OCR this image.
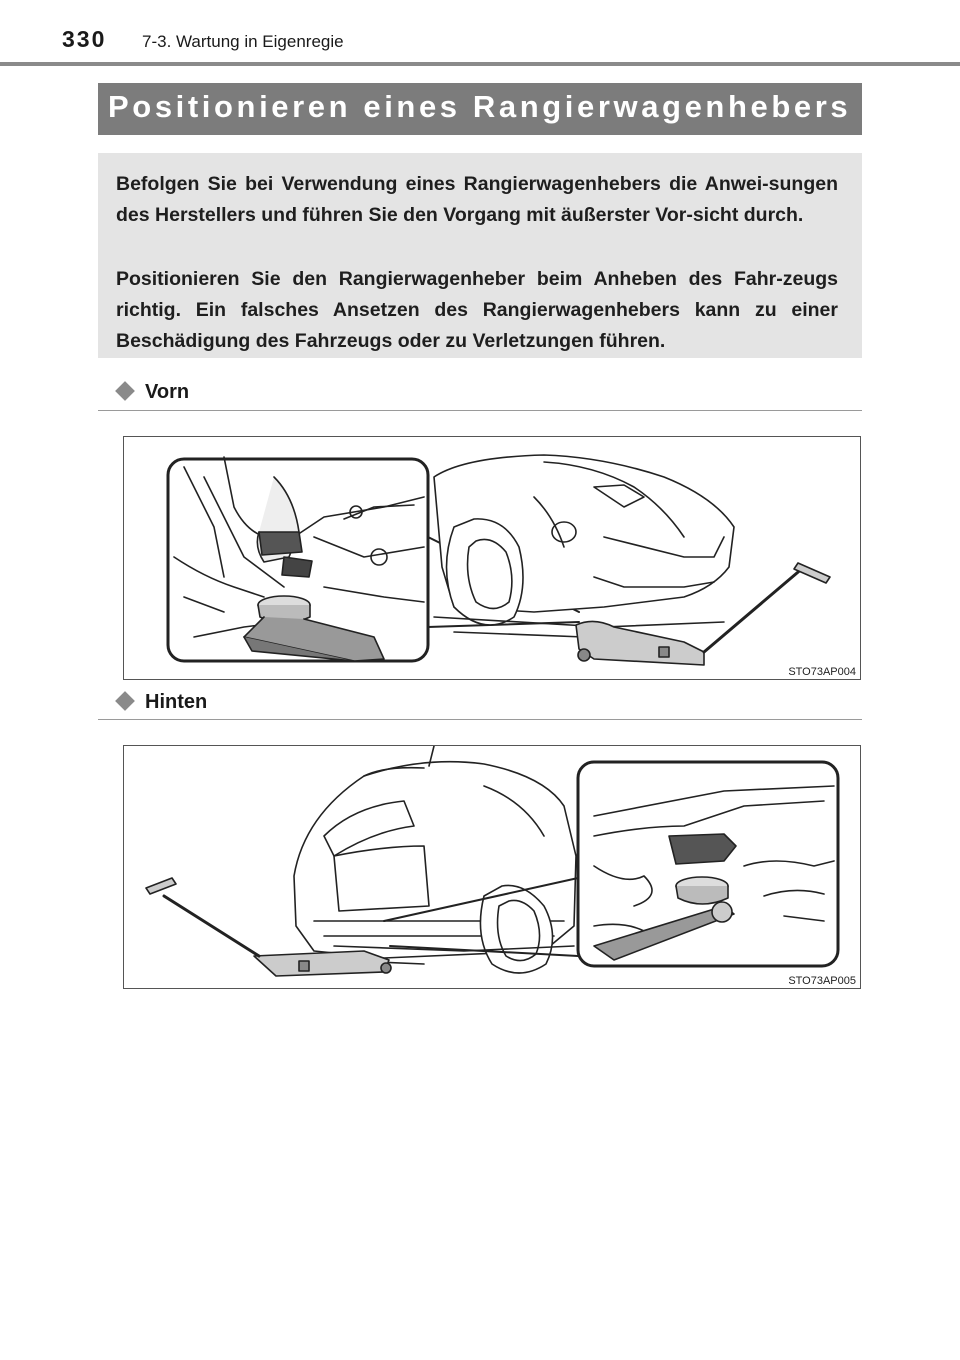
330 7-3. Wartung in Eigenregie
Positionieren eines Rangierwagenhebers

Befolgen Sie bei Verwendung eines Rangierwagenhebers die Anwei-sungen des Herstellers und führen Sie den Vorgang mit äußerster Vor-sicht durch.

Positionieren Sie den Rangierwagenheber beim Anheben des Fahr-zeugs richtig. Ein falsches Ansetzen des Rangierwagenhebers kann zu einer Beschädigung des Fahrzeugs oder zu Verletzungen führen.

Vorn
STO73AP004
Hinten
STO73AP005
